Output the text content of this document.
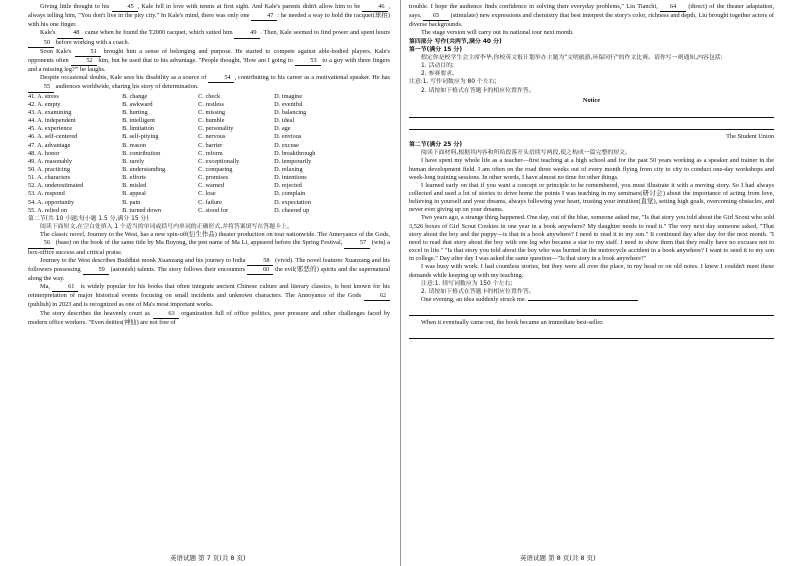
Giving little thought to his	45 , Kale fell in love with tennis at first sight. And Kale's parents didn't allow him to be	46 , always telling him, "You don't live in the pity city." In Kale's mind, there was only one	47 : he needed a way to hold the racquet(球拍) with his one finger.

Kale's	48 came when he found the T2000 racquet, which suited him	49 . Then, Kale seemed to find power and spent hours 50 before working with a coach.

Soon Kale's	51 brought him a sense of belonging and purpose. He started to compete against able-bodied players. Kale's opponents often	52 him, but he used that to his advantage. "People thought, 'How am I going to	53 to a guy with three fingers and a missing leg?'" he laughs.

Despite occasional doubts, Kale sees his disability as a source of	54 , contributing to his career as a motivational speaker. He has 55 audiences worldwide, sharing his story of determination.

41. A. stress	B. change	C. check	D. imagine
42. A. empty	B. awkward	C. restless	D. eventful
43. A. examining	B. hurting	C. missing	D. balancing
44. A. independent	B. intelligent	C. humble	D. ideal
45. A. experience	B. limitation	C. personality	D. age
46. A. self-centered	B. self-pitying	C. nervous	D. envious
47. A. advantage	B. reason	C. barrier	D. excuse
48. A. honor	B. contribution	C. reform	D. breakthrough
49. A. reasonably	B. rarely	C. exceptionally	D. temporarily
50. A. practicing	B. understanding	C. comparing	D. relaxing
51. A. characters	B. efforts	C. promises	D. intentions
52. A. underestimated	B. misled	C. warned	D. rejected
53. A. respond	B. appeal	C. lose	D. complain
54. A. opportunity	B. pain	C. failure	D. expectation
55. A. relied on	B. turned down	C. stood for	D. cheered up

第二节(共 10 小题;每小题 1.5 分,满分 15 分)

阅读下面短文,在空白处填入 1 个适当的单词或括号内单词的正确形式,并将答案填写在答题卡上。

The classic novel, Journey to the West, has a new spin-off(衍生作品) theater production on tour nationwide. The Annoyance of the Gods, 56 (base) on the book of the same title by Ma Boyong, the pen name of Ma Li, appeared before the Spring Festival,	57 (win) a box-office success and critical praise.

Journey to the West describes Buddhist monk Xuanzang and his journey to India	58 (vivid). The novel features Xuanzang and his followers possessing	59 (astonish) talents. The story follows their encounters	60 the evil(邪恶的) spirits and the supernatural along the way.

Ma,	61 is widely popular for his books that often integrate ancient Chinese culture and literary classics, is best known for his reinterpretation of major historical events focusing on small incidents and unknown characters. The Annoyance of the Gods	62 (publish) in 2023 and is recognized as one of Ma's most important works.

The story describes the heavenly court as	63 organization full of office politics, peer pressure and other challenges faced by modern office workers. "Even deities(神仙) are not free of

trouble. I hope the audience finds confidence in solving their everyday problems," Liu Tianchi, 64 (direct) of the theater adaptation, says. 65 (stimulate) new expressions and chemistry that best interpret the story's color, richness and depth, Liu brought together actors of diverse backgrounds.

The stage version will carry out its national tour next month.

第四部分 写作(共两节,满分 40 分)

第一节(满分 15 分)

假定你是校学生会主席李华,你校英文报计划举办主题为"文明旅游,环保同行"的作文比赛。请你写一则通知,内容包括:

1. 活动目的;

2. 参赛要求。

注意:1. 写作词数应为 80 个左右;

2. 请按如下格式在答题卡的相应位置作答。

Notice

The Student Union

第二节(满分 25 分)

阅读下面材料,根据其内容和所给段落开头语续写两段,使之构成一篇完整的短文。

I have spent my whole life as a teacher—first teaching at a high school and for the past 50 years working as a speaker and trainer in the human development field. I am often on the road three weeks out of every month flying from city to city to conduct one-day workshops and week-long training sessions. In other words, I have almost no time for other things.

I learned early on that if you want a concept or principle to be remembered, you must illustrate it with a moving story. So I had always collected and used a lot of stories to drive home the points I was teaching in my seminars(研讨会) about the importance of acting from love, believing in yourself and your dreams, always following your heart, trusting your intuition(直觉), setting high goals, overcoming obstacles, and never ever giving up on your dreams.

Two years ago, a strange thing happened. One day, out of the blue, someone asked me, "Is that story you told about the Girl Scout who sold 3,526 boxes of Girl Scout Cookies in one year in a book anywhere? My daughter needs to read it." The very next day someone asked, "That story about the boy and the puppy—is that in a book anywhere? I need to read it to my son." It continued day after day for the next month. "I need to read that story about the boy with one leg who became a star to my staff. I need to show them that they really have no excuses not to excel in life." "Is that story you told about the boy who was burned in the motorcycle accident in a book anywhere? I want to send it to my son in college." Day after day I was asked the same question—"Is that story in a book anywhere?"

I was busy with work. I had countless stories, but they were all over the place, in my head or on old notes. I knew I couldn't meet these demands while keeping up with my teaching.

注意:1. 续写词数应为 150 个左右;

2. 请按如下格式在答题卡的相应位置作答。

One evening, an idea suddenly struck me.

When it eventually came out, the book became an immediate best-seller.

英语试题 第 7 页(共 8 页)	英语试题 第 8 页(共 8 页)
